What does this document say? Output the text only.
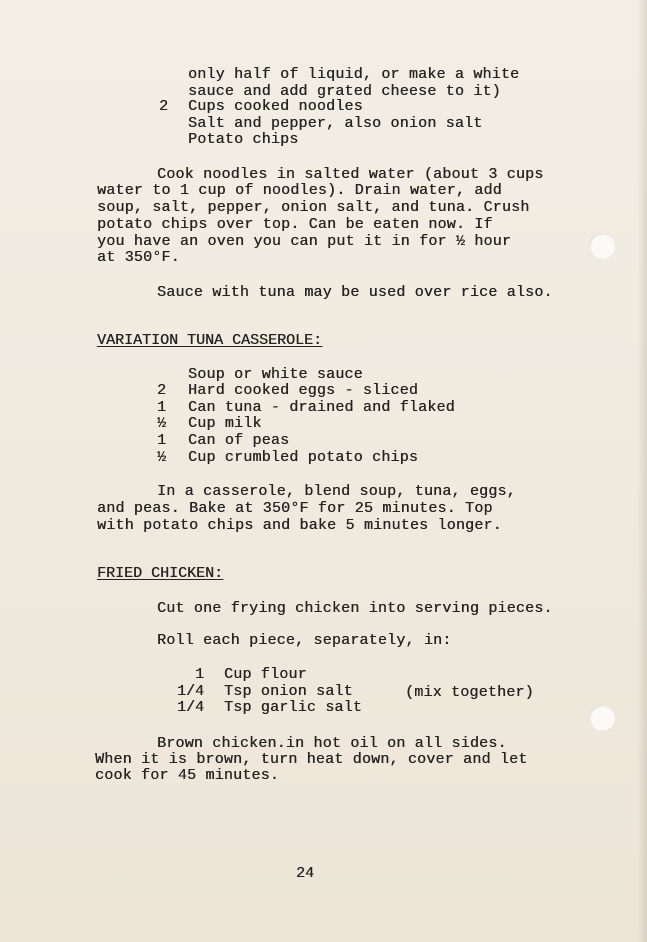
only half of liquid, or make a white
sauce and add grated cheese to it)
2 Cups cooked noodles
Salt and pepper, also onion salt
Potato chips
Cook noodles in salted water (about 3 cups
water to 1 cup of noodles). Drain water, add
soup, salt, pepper, onion salt, and tuna. Crush
potato chips over top. Can be eaten now. If
you have an oven you can put it in for ½ hour
at 350°F.
Sauce with tuna may be used over rice also.
VARIATION TUNA CASSEROLE:
Soup or white sauce
2 Hard cooked eggs - sliced
1 Can tuna - drained and flaked
½ Cup milk
1 Can of peas
½ Cup crumbled potato chips
In a casserole, blend soup, tuna, eggs,
and peas. Bake at 350°F for 25 minutes. Top
with potato chips and bake 5 minutes longer.
FRIED CHICKEN:
Cut one frying chicken into serving pieces.
Roll each piece, separately, in:
1 Cup flour
1/4 Tsp onion salt	(mix together)
1/4 Tsp garlic salt
Brown chicken.in hot oil on all sides.
When it is brown, turn heat down, cover and let
cook for 45 minutes.
24
